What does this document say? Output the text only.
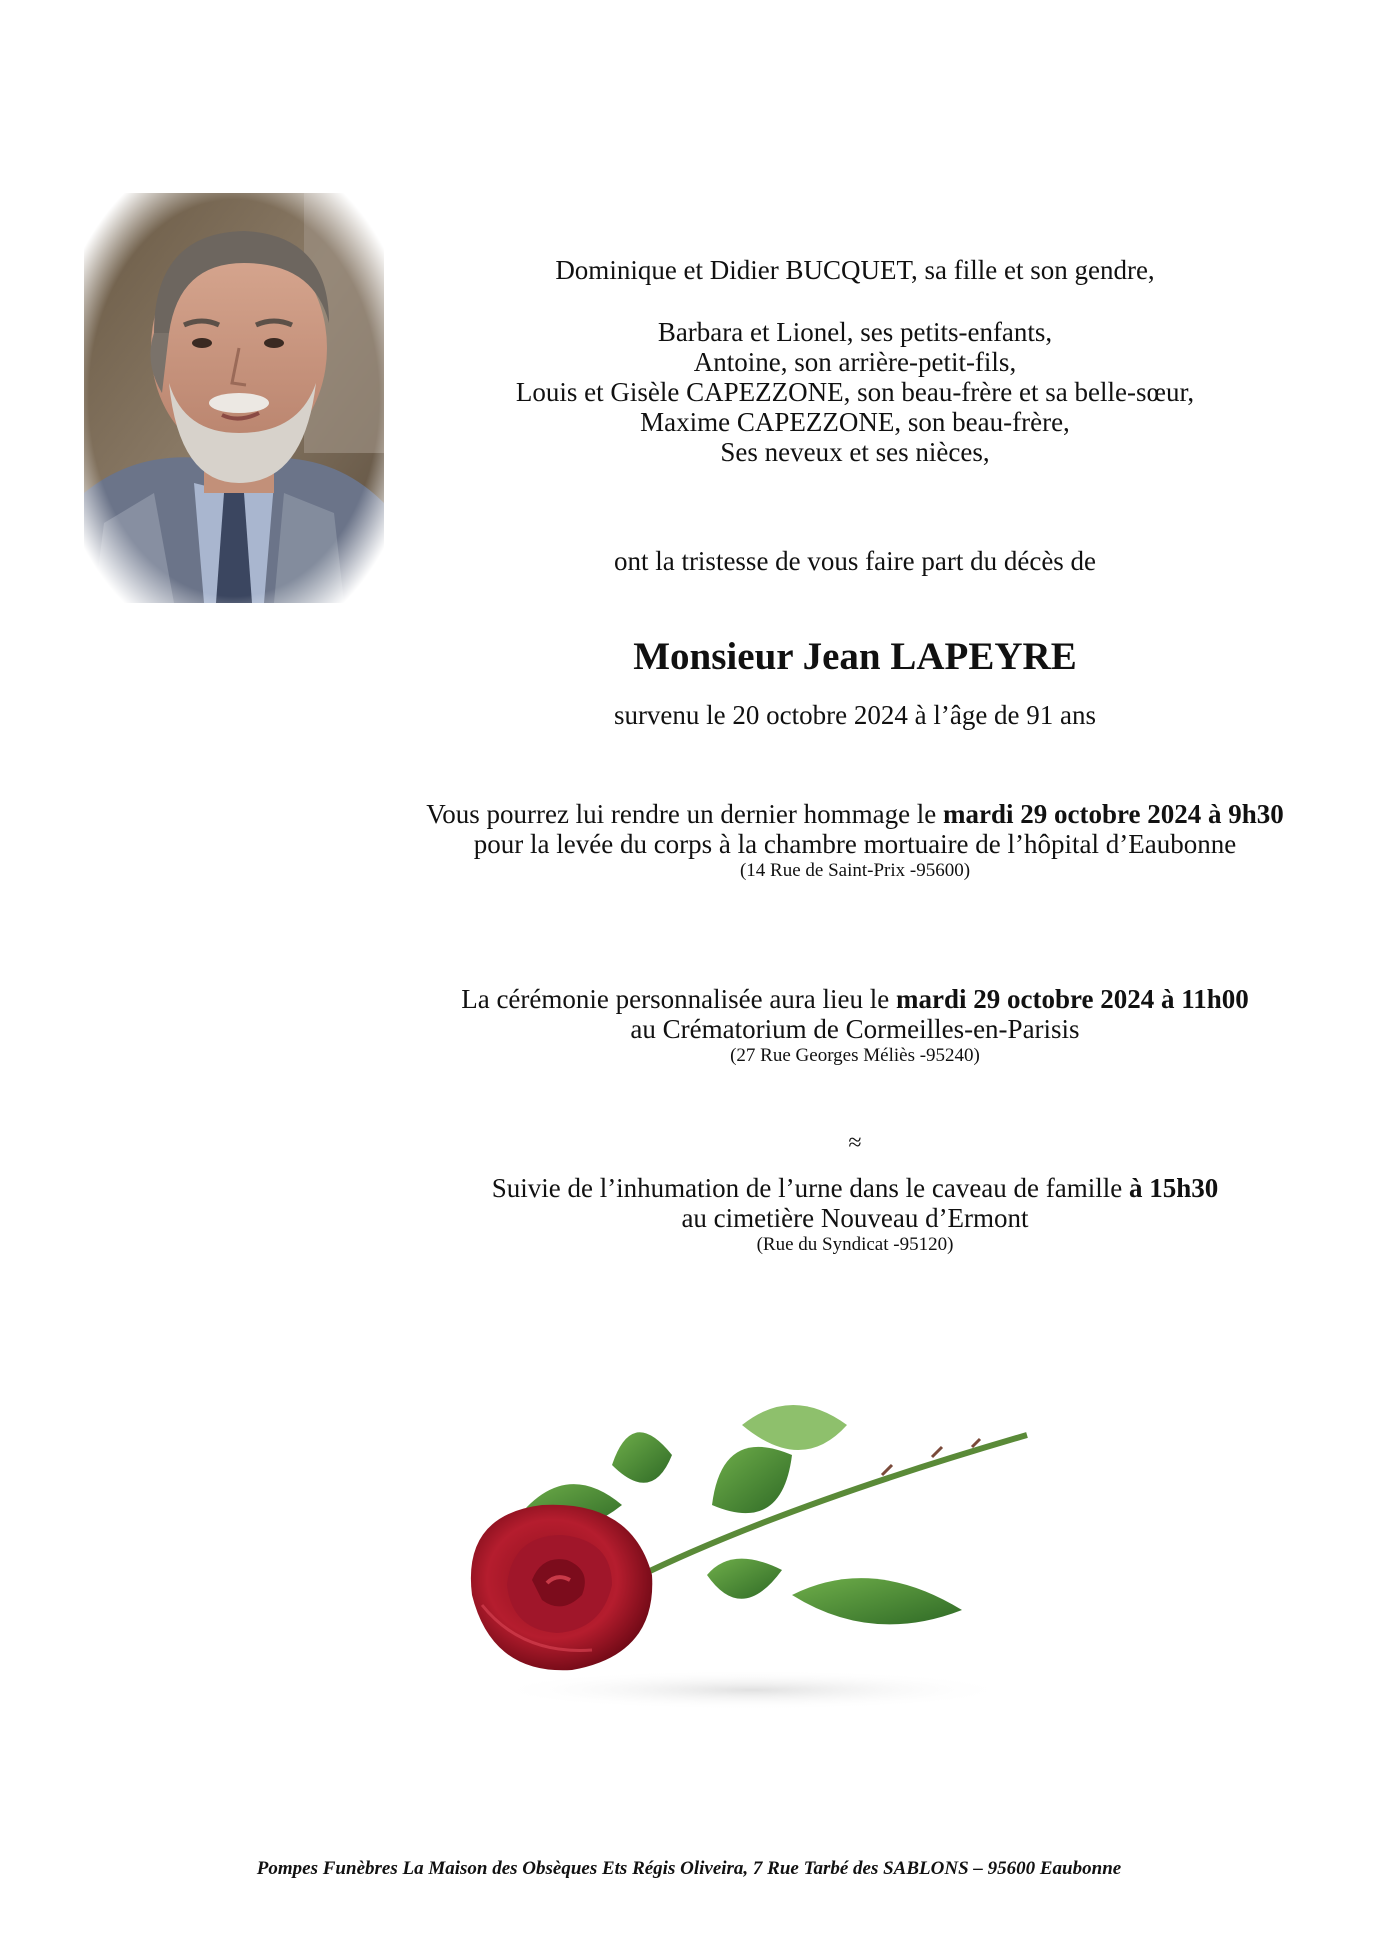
Dominique et Didier BUCQUET, sa fille et son gendre,
Barbara et Lionel, ses petits-enfants,
Antoine, son arrière-petit-fils,
Louis et Gisèle CAPEZZONE, son beau-frère et sa belle-sœur,
Maxime CAPEZZONE, son beau-frère,
Ses neveux et ses nièces,
ont la tristesse de vous faire part du décès de
Monsieur Jean LAPEYRE
survenu le 20 octobre 2024 à l’âge de 91 ans
Vous pourrez lui rendre un dernier hommage le mardi 29 octobre 2024 à 9h30
pour la levée du corps à la chambre mortuaire de l’hôpital d’Eaubonne
(14 Rue de Saint-Prix -95600)
La cérémonie personnalisée aura lieu le mardi 29 octobre 2024 à 11h00
au Crématorium de Cormeilles-en-Parisis
(27 Rue Georges Méliès -95240)
≈
Suivie de l’inhumation de l’urne dans le caveau de famille à 15h30
au cimetière Nouveau d’Ermont
(Rue du Syndicat -95120)
Pompes Funèbres La Maison des Obsèques Ets Régis Oliveira, 7 Rue Tarbé des SABLONS – 95600 Eaubonne
